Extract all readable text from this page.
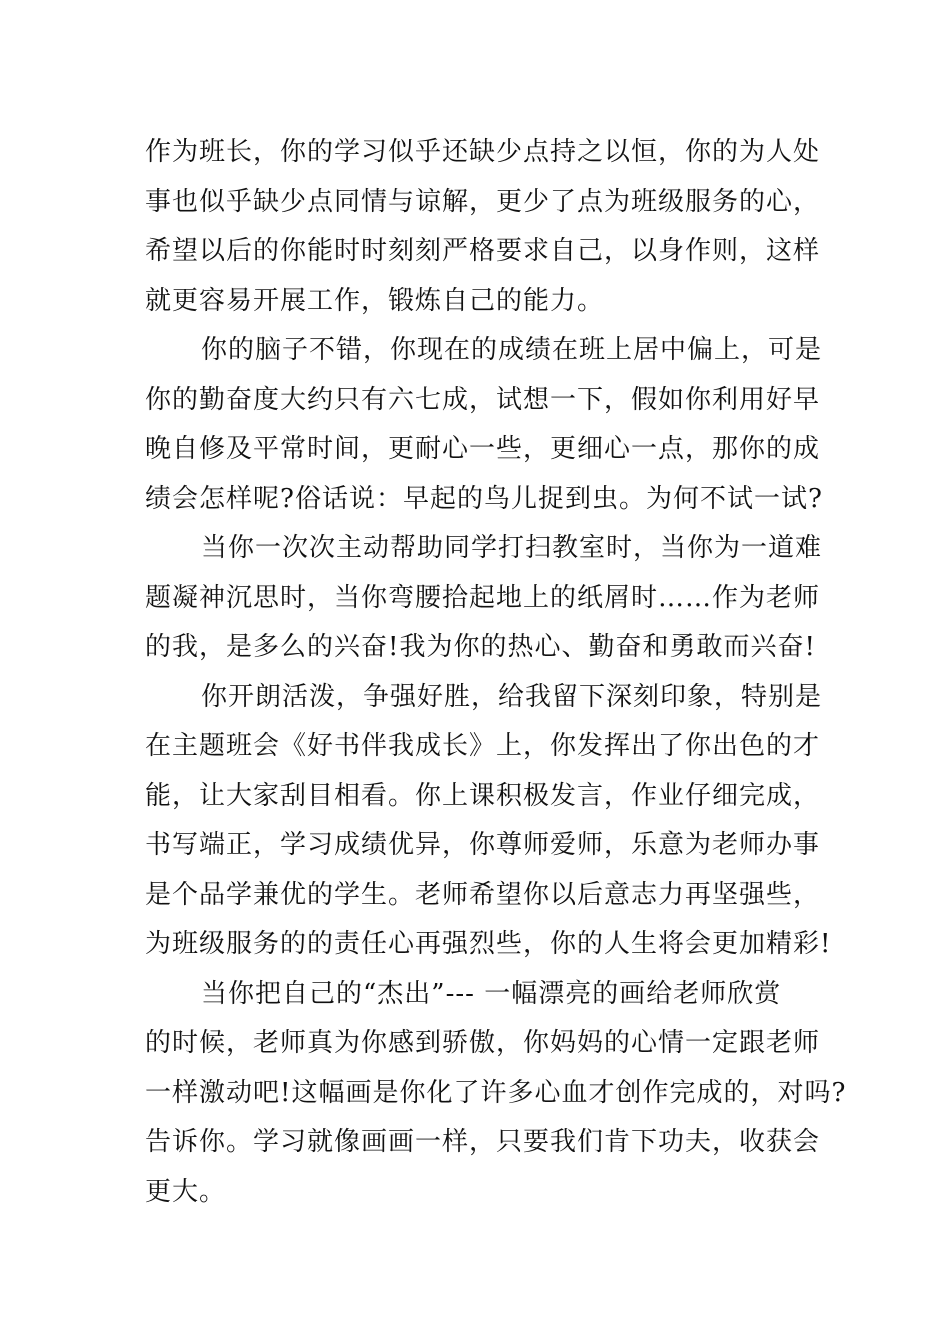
作为班长，你的学习似乎还缺少点持之以恒，你的为人处
事也似乎缺少点同情与谅解，更少了点为班级服务的心，
希望以后的你能时时刻刻严格要求自己，以身作则，这样
就更容易开展工作，锻炼自己的能力。
你的脑子不错，你现在的成绩在班上居中偏上，可是
你的勤奋度大约只有六七成，试想一下，假如你利用好早
晚自修及平常时间，更耐心一些，更细心一点，那你的成
绩会怎样呢?俗话说：早起的鸟儿捉到虫。为何不试一试?
当你一次次主动帮助同学打扫教室时，当你为一道难
题凝神沉思时，当你弯腰拾起地上的纸屑时……作为老师
的我，是多么的兴奋!我为你的热心、勤奋和勇敢而兴奋!
你开朗活泼，争强好胜，给我留下深刻印象，特别是
在主题班会《好书伴我成长》上，你发挥出了你出色的才
能，让大家刮目相看。你上课积极发言，作业仔细完成，
书写端正，学习成绩优异，你尊师爱师，乐意为老师办事
是个品学兼优的学生。老师希望你以后意志力再坚强些，
为班级服务的的责任心再强烈些，你的人生将会更加精彩!
当你把自己的“杰出”--- 一幅漂亮的画给老师欣赏
的时候，老师真为你感到骄傲，你妈妈的心情一定跟老师
一样激动吧!这幅画是你化了许多心血才创作完成的，对吗?
告诉你。学习就像画画一样，只要我们肯下功夫，收获会
更大。
